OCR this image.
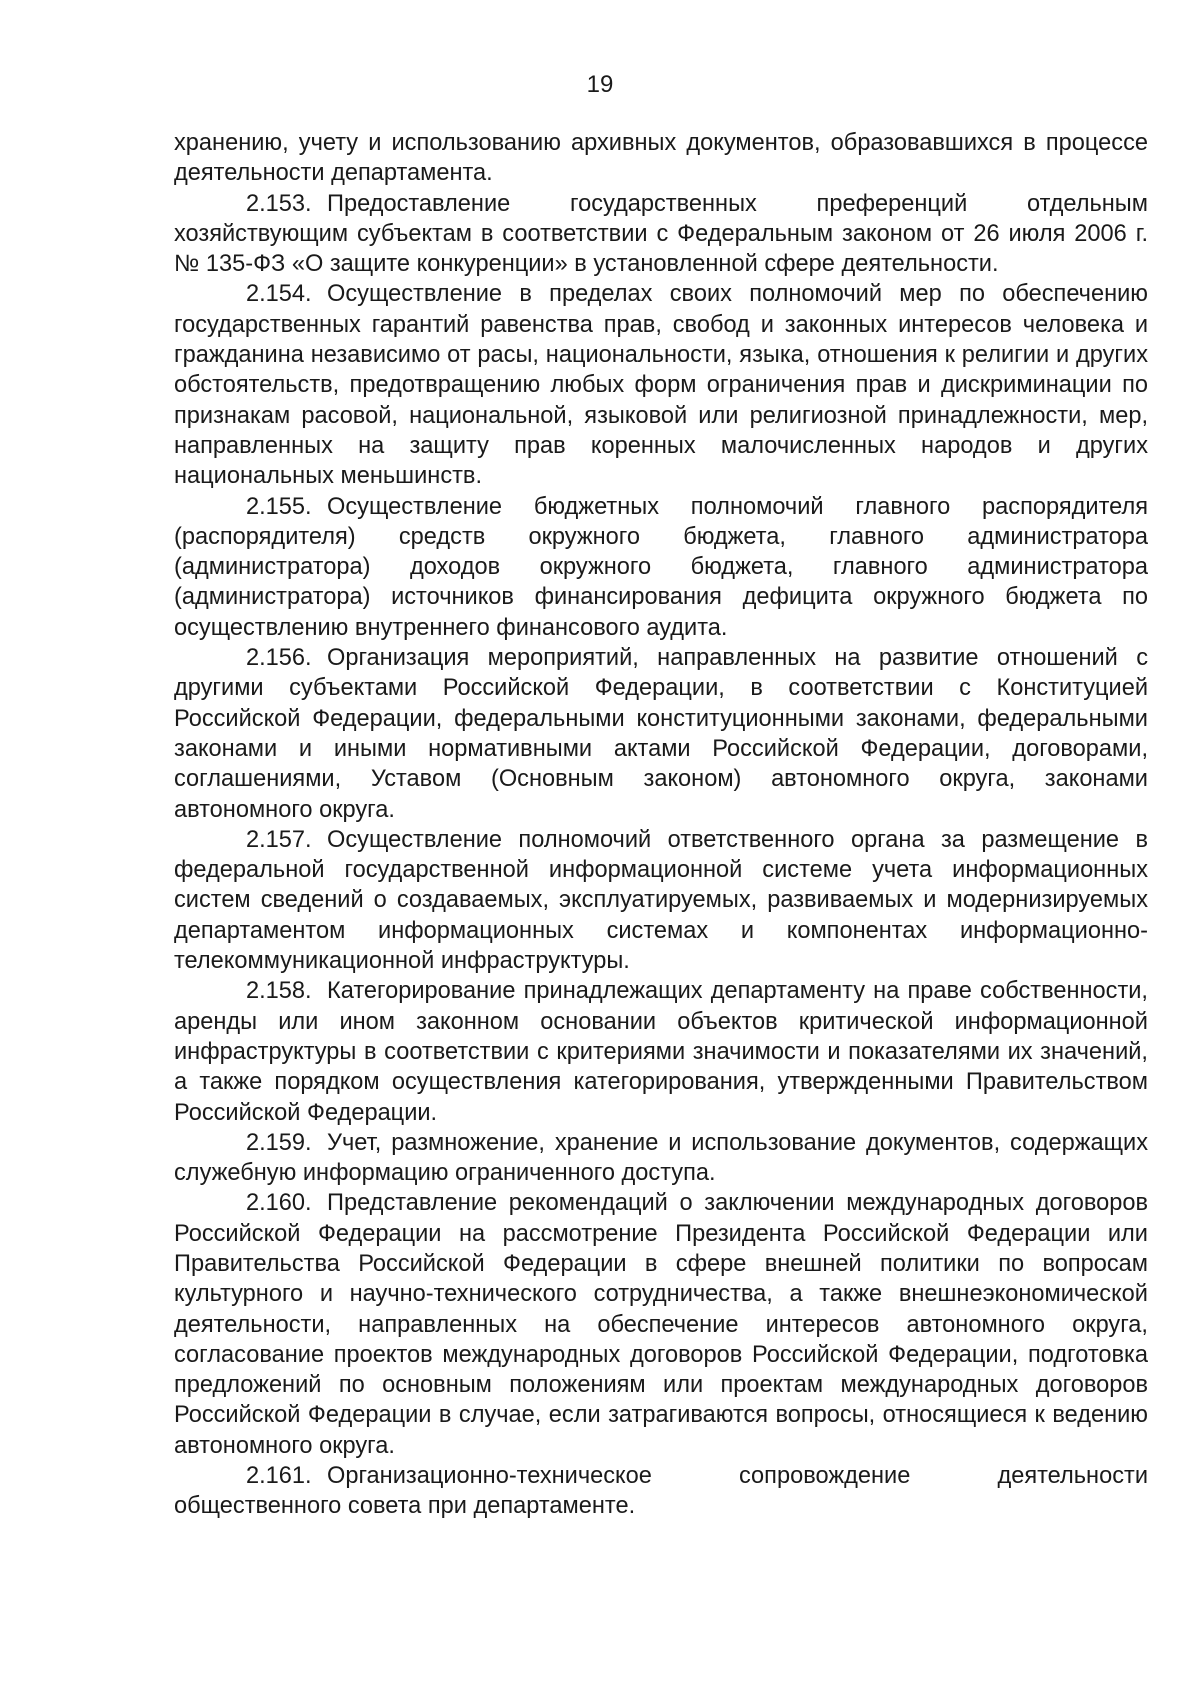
19

хранению, учету и использованию архивных документов, образовавшихся в процессе деятельности департамента.

2.153. Предоставление государственных преференций отдельным хозяйствующим субъектам в соответствии с Федеральным законом от 26 июля 2006 г. № 135-ФЗ «О защите конкуренции» в установленной сфере деятельности.

2.154. Осуществление в пределах своих полномочий мер по обеспечению государственных гарантий равенства прав, свобод и законных интересов человека и гражданина независимо от расы, национальности, языка, отношения к религии и других обстоятельств, предотвращению любых форм ограничения прав и дискриминации по признакам расовой, национальной, языковой или религиозной принадлежности, мер, направленных на защиту прав коренных малочисленных народов и других национальных меньшинств.

2.155. Осуществление бюджетных полномочий главного распорядителя (распорядителя) средств окружного бюджета, главного администратора (администратора) доходов окружного бюджета, главного администратора (администратора) источников финансирования дефицита окружного бюджета по осуществлению внутреннего финансового аудита.

2.156. Организация мероприятий, направленных на развитие отношений с другими субъектами Российской Федерации, в соответствии с Конституцией Российской Федерации, федеральными конституционными законами, федеральными законами и иными нормативными актами Российской Федерации, договорами, соглашениями, Уставом (Основным законом) автономного округа, законами автономного округа.

2.157. Осуществление полномочий ответственного органа за размещение в федеральной государственной информационной системе учета информационных систем сведений о создаваемых, эксплуатируемых, развиваемых и модернизируемых департаментом информационных системах и компонентах информационно-телекоммуникационной инфраструктуры.

2.158. Категорирование принадлежащих департаменту на праве собственности, аренды или ином законном основании объектов критической информационной инфраструктуры в соответствии с критериями значимости и показателями их значений, а также порядком осуществления категорирования, утвержденными Правительством Российской Федерации.

2.159. Учет, размножение, хранение и использование документов, содержащих служебную информацию ограниченного доступа.

2.160. Представление рекомендаций о заключении международных договоров Российской Федерации на рассмотрение Президента Российской Федерации или Правительства Российской Федерации в сфере внешней политики по вопросам культурного и научно-технического сотрудничества, а также внешнеэкономической деятельности, направленных на обеспечение интересов автономного округа, согласование проектов международных договоров Российской Федерации, подготовка предложений по основным положениям или проектам международных договоров Российской Федерации в случае, если затрагиваются вопросы, относящиеся к ведению автономного округа.

2.161. Организационно-техническое сопровождение деятельности общественного совета при департаменте.
